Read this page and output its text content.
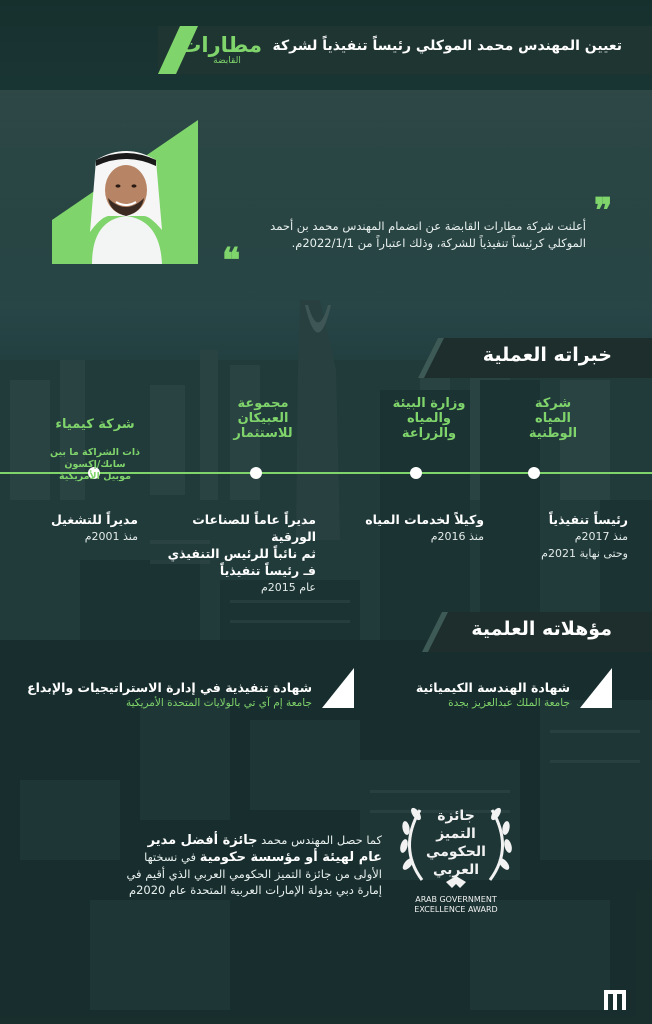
تعيين المهندس محمد الموكلي رئيساً تنفيذياً لشركة
مطارات
القابضة
❞
أعلنت شركة مطارات القابضة عن انضمام المهندس محمد بن أحمد الموكلي كرئيساً تنفيذياً للشركة، وذلك اعتباراً من 2022/1/1م.
❝
خبراته العملية
شركة
المياه
الوطنية
وزارة البيئة
والمياه
والزراعة
مجموعة
العبيكان
للاستثمار

شركة كيمياء

ذات الشراكة ما بين
سابك/إكسون
موبيل الأمريكية

رئيساً تنفيذياً

منذ 2017م
وحتى نهاية 2021م

وكيلاً لخدمات المياه

منذ 2016م

مديراً عاماً للصناعات الورقية
ثم نائباً للرئيس التنفيذي
فـ رئيساً تنفيذياً

عام 2015م

مديراً للتشغيل

منذ 2001م

مؤهلاته العلمية
شهادة الهندسة الكيميائية
جامعة الملك عبدالعزيز بجدة
شهادة تنفيذية في إدارة الاستراتيجيات والإبداع
جامعة إم آي تي بالولايات المتحدة الأمريكية
جائزة
التميز
الحكومي
العربي
ARAB GOVERNMENT
EXCELLENCE AWARD
كما حصل المهندس محمد جائزة أفضل مدير عام لهيئة أو مؤسسة حكومية في نسختها الأولى من جائزة التميز الحكومي العربي الذي أقيم في إمارة دبي بدولة الإمارات العربية المتحدة عام 2020م
